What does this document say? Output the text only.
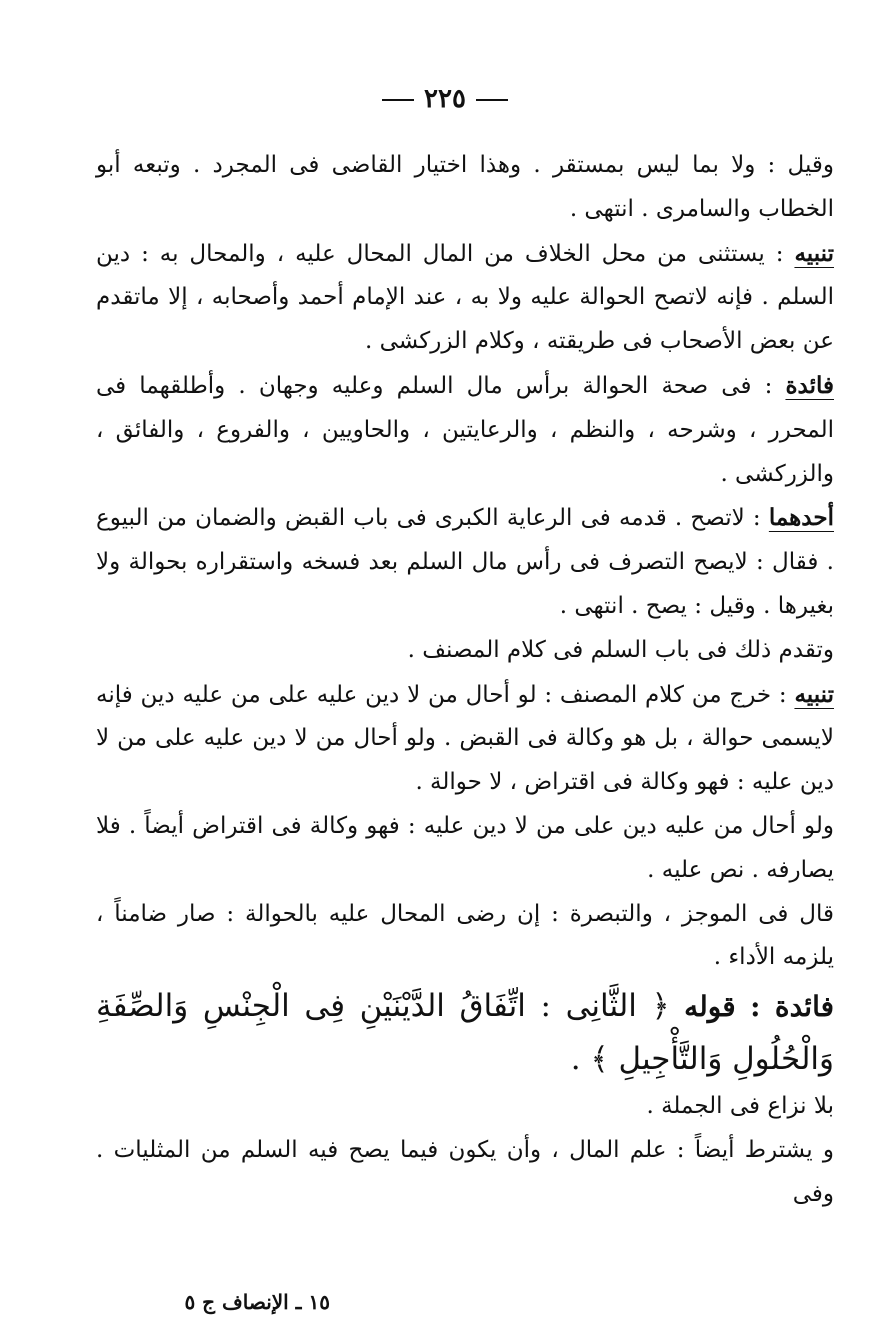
٢٢٥

وقيل : ولا بما ليس بمستقر . وهذا اختيار القاضى فى المجرد . وتبعه أبو الخطاب والسامرى . انتهى .

تنبيه : يستثنى من محل الخلاف من المال المحال عليه ، والمحال به : دين السلم . فإنه لاتصح الحوالة عليه ولا به ، عند الإمام أحمد وأصحابه ، إلا ماتقدم عن بعض الأصحاب فى طريقته ، وكلام الزركشى .

فائدة : فى صحة الحوالة برأس مال السلم وعليه وجهان . وأطلقهما فى المحرر ، وشرحه ، والنظم ، والرعايتين ، والحاويين ، والفروع ، والفائق ، والزركشى .

أحدهما : لاتصح . قدمه فى الرعاية الكبرى فى باب القبض والضمان من البيوع . فقال : لايصح التصرف فى رأس مال السلم بعد فسخه واستقراره بحوالة ولا بغيرها . وقيل : يصح . انتهى .

وتقدم ذلك فى باب السلم فى كلام المصنف .

تنبيه : خرج من كلام المصنف : لو أحال من لا دين عليه على من عليه دين فإنه لايسمى حوالة ، بل هو وكالة فى القبض . ولو أحال من لا دين عليه على من لا دين عليه : فهو وكالة فى اقتراض ، لا حوالة .

ولو أحال من عليه دين على من لا دين عليه : فهو وكالة فى اقتراض أيضاً . فلا يصارفه . نص عليه .

قال فى الموجز ، والتبصرة : إن رضى المحال عليه بالحوالة : صار ضامناً ، يلزمه الأداء .

فائدة : قوله ﴿ الثَّانِى : اتِّفَاقُ الدَّيْنَيْنِ فِى الْجِنْسِ وَالصِّفَةِ وَالْحُلُولِ وَالتَّأْجِيلِ ﴾ .

بلا نزاع فى الجملة .

و يشترط أيضاً : علم المال ، وأن يكون فيما يصح فيه السلم من المثليات . وفى

١٥ ـ الإنصاف ج ٥
